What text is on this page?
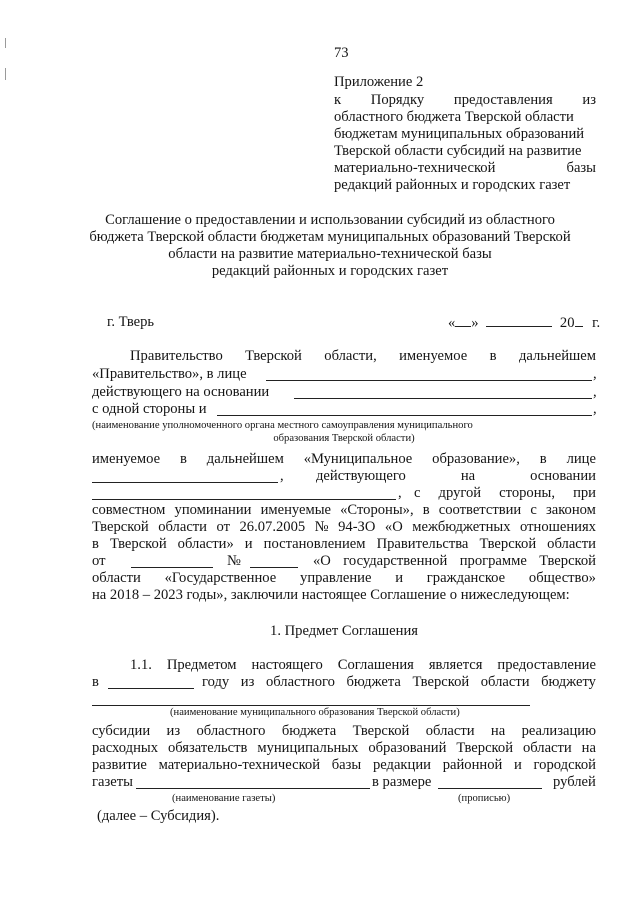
73
Приложение 2
к Порядку предоставления из
областного бюджета Тверской области
бюджетам муниципальных образований
Тверской области субсидий на развитие
материально-технической	базы
редакций районных и городских газет
Соглашение о предоставлении и использовании субсидий из областного
бюджета Тверской области бюджетам муниципальных образований Тверской
области на развитие материально-технической базы
редакций районных и городских газет
г. Тверь	« »	20 г.
Правительство Тверской области, именуемое в дальнейшем
«Правительство», в лице	,
действующего на основании	,
с одной стороны и	,
(наименование уполномоченного органа местного самоуправления муниципального
образования Тверской области)
именуемое в дальнейшем «Муниципальное образование», в лице
, действующего	на	основании
, с другой стороны, при
совместном упоминании именуемые «Стороны», в соответствии с законом
Тверской области от 26.07.2005 № 94-ЗО «О межбюджетных отношениях
в Тверской области» и постановлением Правительства Тверской области
от	№	«О государственной программе Тверской
области «Государственное управление и гражданское общество»
на 2018 – 2023 годы», заключили настоящее Соглашение о нижеследующем:
1. Предмет Соглашения
1.1. Предметом настоящего Соглашения является предоставление
в	году из областного бюджета Тверской области бюджету
(наименование муниципального образования Тверской области)
субсидии из областного бюджета Тверской области на реализацию
расходных обязательств муниципальных образований Тверской области на
развитие материально-технической базы редакции районной и городской
газеты	в размере	рублей
(наименование газеты)	(прописью)
(далее – Субсидия).
